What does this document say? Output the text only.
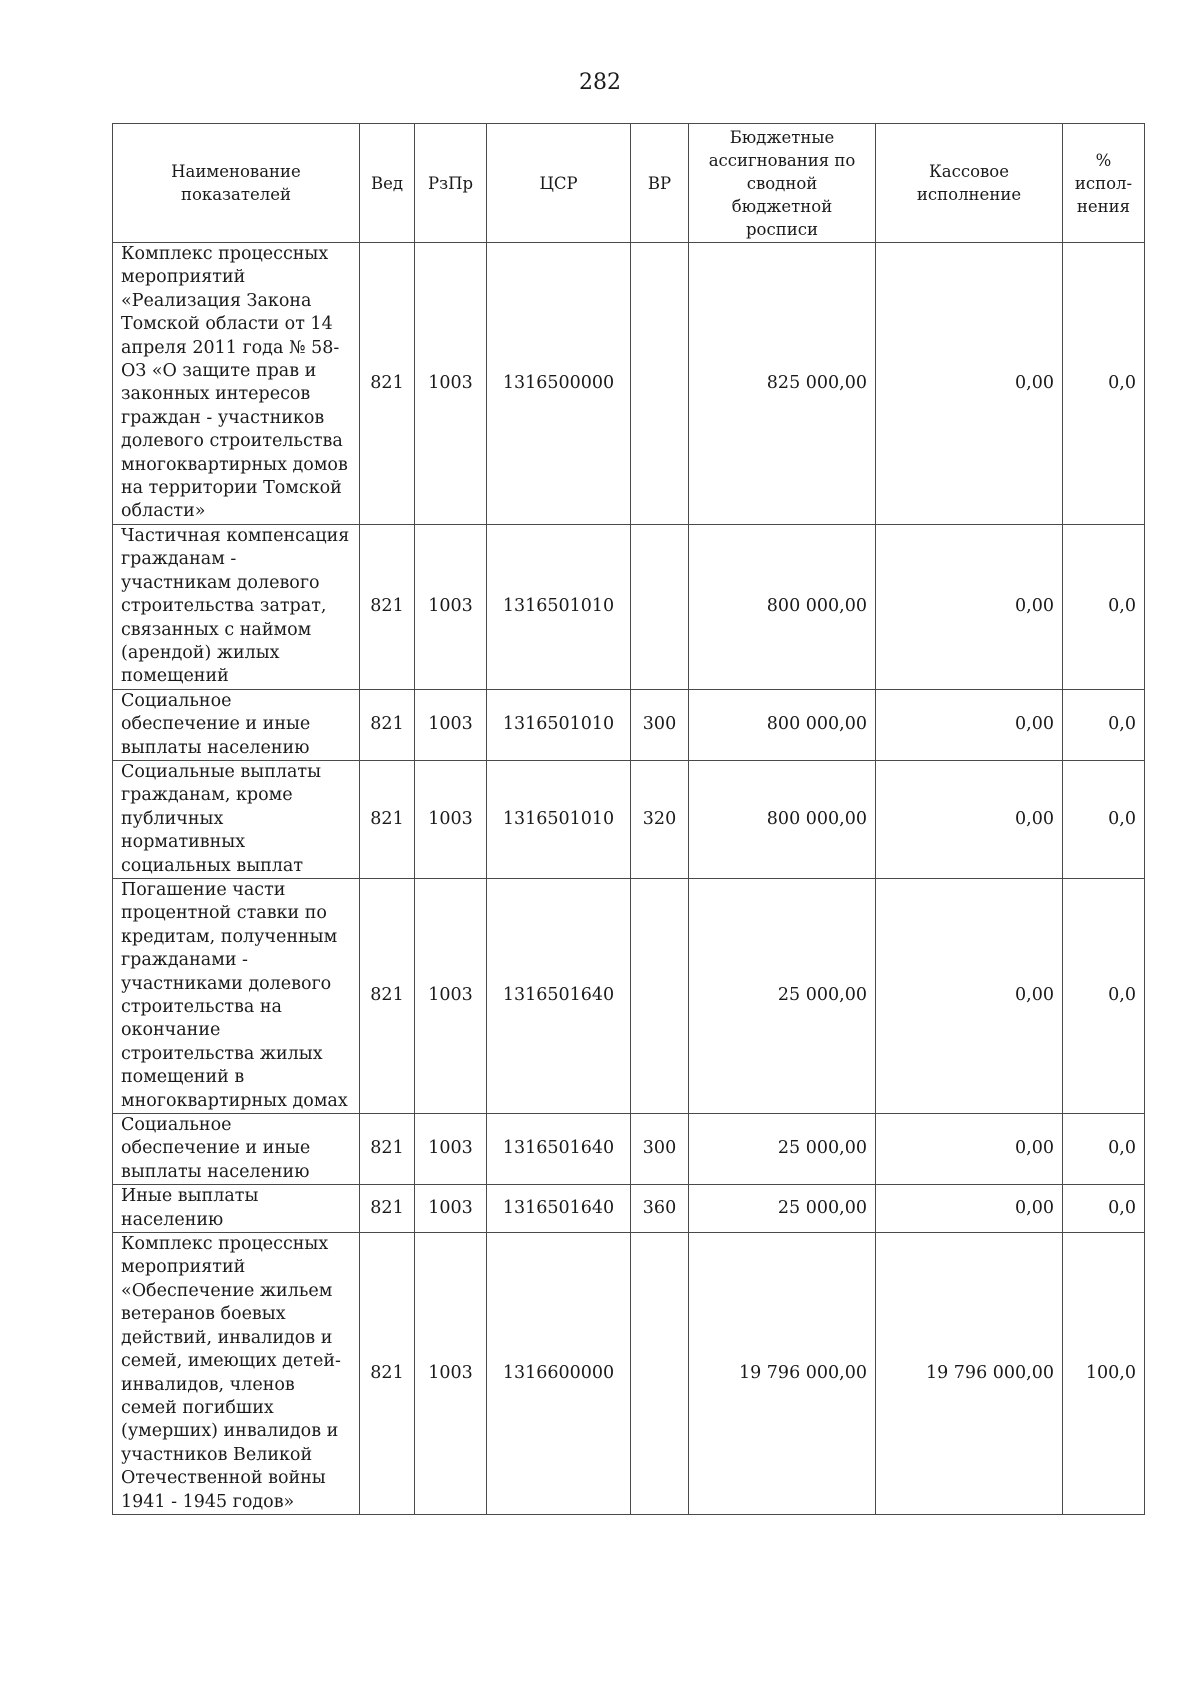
282
Наименование показателей	Вед	РзПр	ЦСР	ВР	Бюджетные ассигнования по сводной бюджетной росписи	Кассовое исполнение	% испол-нения
Комплекс процессных мероприятий «Реализация Закона Томской области от 14 апреля 2011 года № 58-ОЗ «О защите прав и законных интересов граждан - участников долевого строительства многоквартирных домов на территории Томской области»	821	1003	1316500000		825 000,00	0,00	0,0
Частичная компенсация гражданам - участникам долевого строительства затрат, связанных с наймом (арендой) жилых помещений	821	1003	1316501010		800 000,00	0,00	0,0
Социальное обеспечение и иные выплаты населению	821	1003	1316501010	300	800 000,00	0,00	0,0
Социальные выплаты гражданам, кроме публичных нормативных социальных выплат	821	1003	1316501010	320	800 000,00	0,00	0,0
Погашение части процентной ставки по кредитам, полученным гражданами - участниками долевого строительства на окончание строительства жилых помещений в многоквартирных домах	821	1003	1316501640		25 000,00	0,00	0,0
Социальное обеспечение и иные выплаты населению	821	1003	1316501640	300	25 000,00	0,00	0,0
Иные выплаты населению	821	1003	1316501640	360	25 000,00	0,00	0,0
Комплекс процессных мероприятий «Обеспечение жильем ветеранов боевых действий, инвалидов и семей, имеющих детей-инвалидов, членов семей погибших (умерших) инвалидов и участников Великой Отечественной войны 1941 - 1945 годов»	821	1003	1316600000		19 796 000,00	19 796 000,00	100,0
